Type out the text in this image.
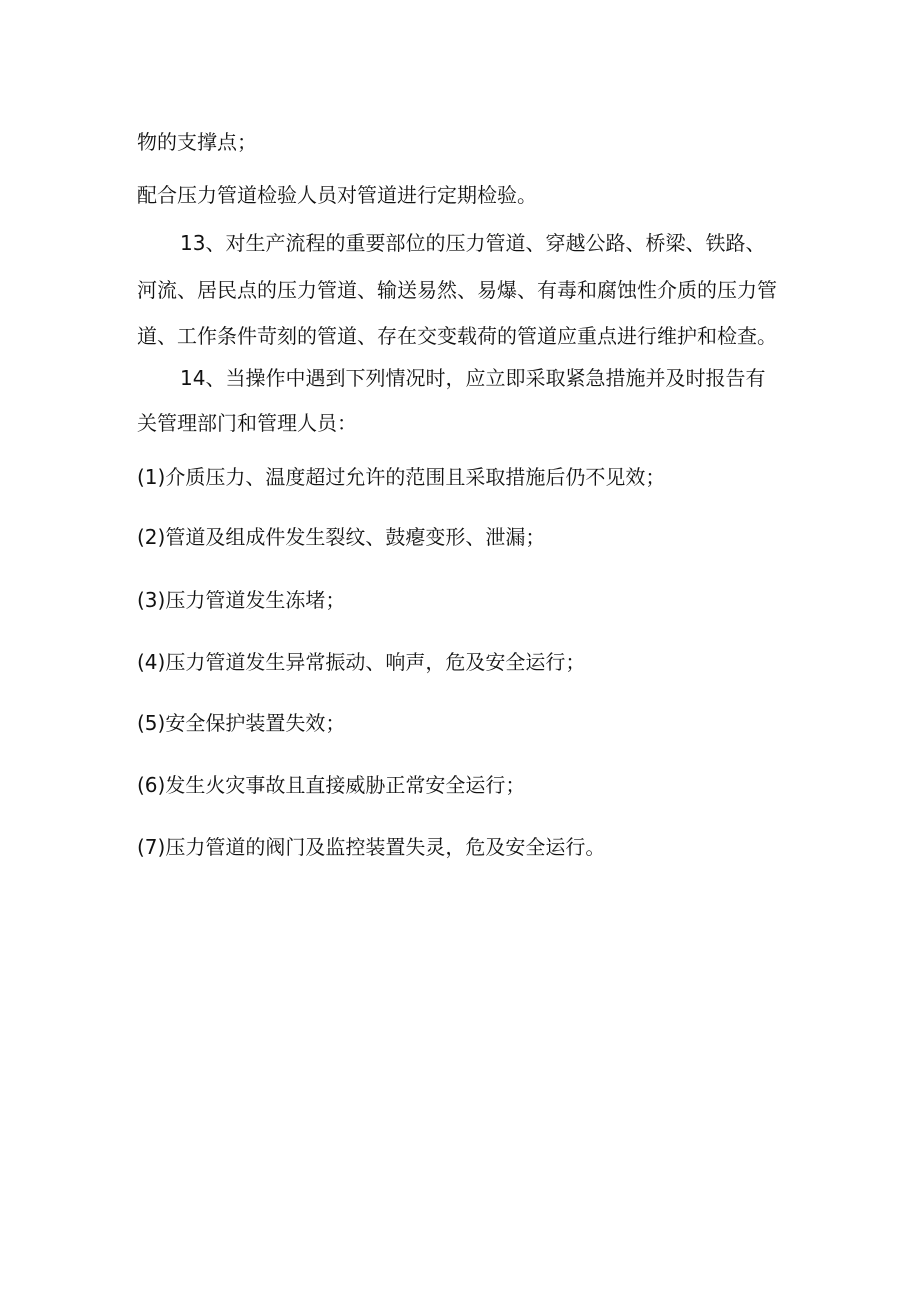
物的支撑点；

配合压力管道检验人员对管道进行定期检验。

13、对生产流程的重要部位的压力管道、穿越公路、桥梁、铁路、

河流、居民点的压力管道、输送易然、易爆、有毒和腐蚀性介质的压力管

道、工作条件苛刻的管道、存在交变载荷的管道应重点进行维护和检查。

14、当操作中遇到下列情况时，应立即采取紧急措施并及时报告有

关管理部门和管理人员：

(1)介质压力、温度超过允许的范围且采取措施后仍不见效；

(2)管道及组成件发生裂纹、鼓瘪变形、泄漏；

(3)压力管道发生冻堵；

(4)压力管道发生异常振动、响声，危及安全运行；

(5)安全保护装置失效；

(6)发生火灾事故且直接威胁正常安全运行；

(7)压力管道的阀门及监控装置失灵，危及安全运行。
